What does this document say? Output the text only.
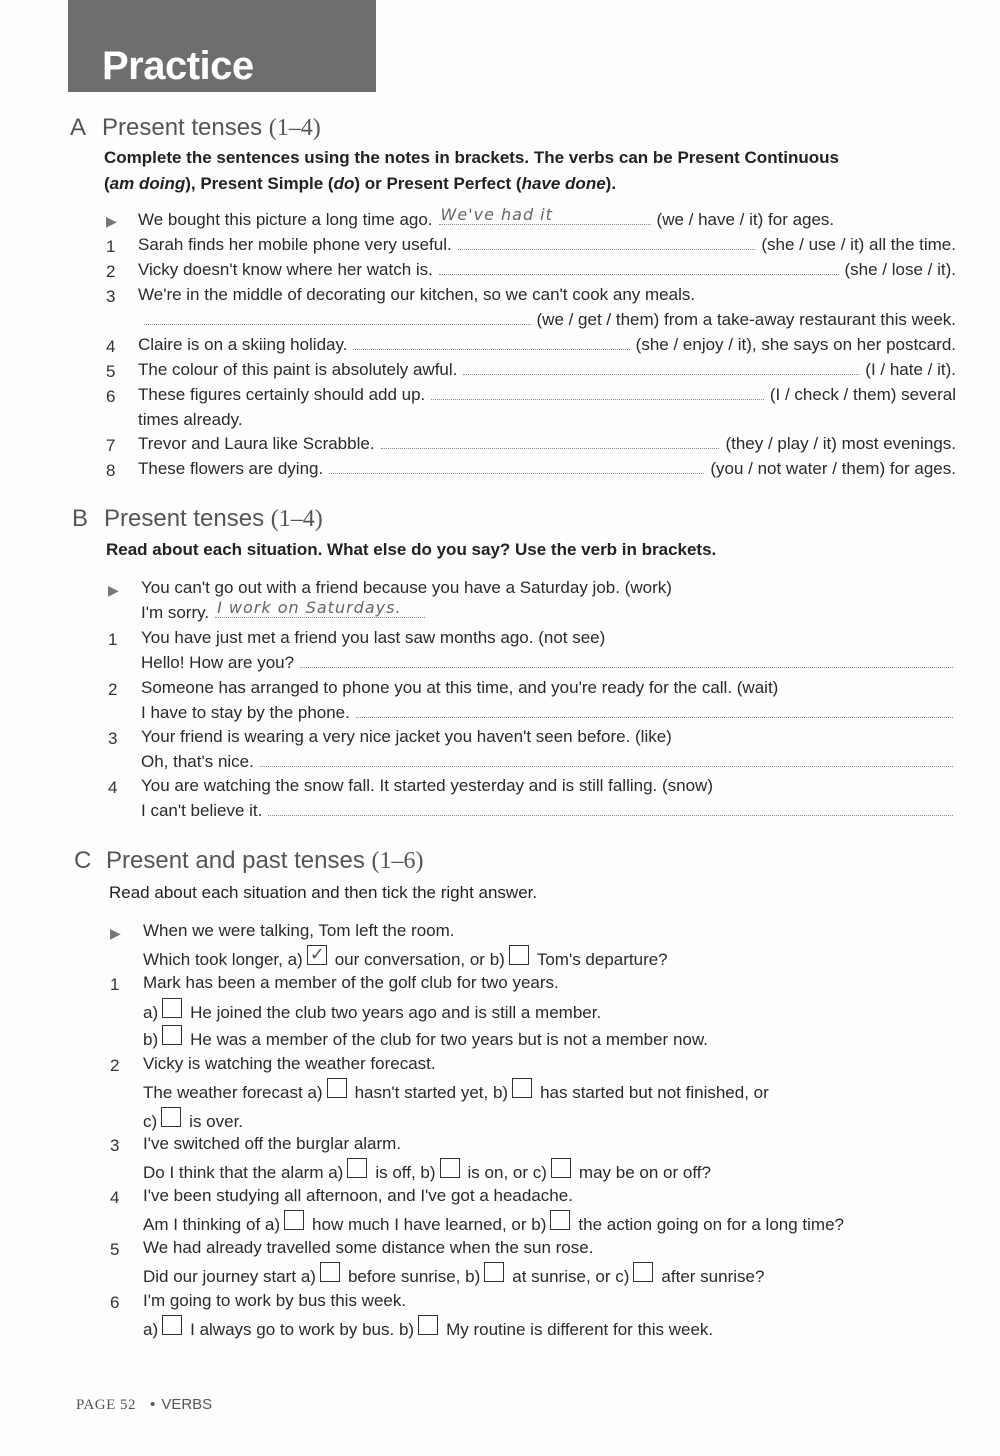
Practice
A Present tenses (1–4)
Complete the sentences using the notes in brackets. The verbs can be Present Continuous
(am doing), Present Simple (do) or Present Perfect (have done).
▶ We bought this picture a long time ago. We've had it	(we / have / it) for ages.
1 Sarah finds her mobile phone very useful.	(she / use / it) all the time.
2 Vicky doesn't know where her watch is.	(she / lose / it).
3 We're in the middle of decorating our kitchen, so we can't cook any meals.
(we / get / them) from a take-away restaurant this week.
4 Claire is on a skiing holiday.	(she / enjoy / it), she says on her postcard.
5 The colour of this paint is absolutely awful.	(I / hate / it).
6 These figures certainly should add up.	(I / check / them) several
times already.
7 Trevor and Laura like Scrabble.	(they / play / it) most evenings.
8 These flowers are dying.	(you / not water / them) for ages.
B Present tenses (1–4)
Read about each situation. What else do you say? Use the verb in brackets.
▶ You can't go out with a friend because you have a Saturday job. (work)
I'm sorry. I work on Saturdays.
1 You have just met a friend you last saw months ago. (not see)
Hello! How are you?
2 Someone has arranged to phone you at this time, and you're ready for the call. (wait)
I have to stay by the phone.
3 Your friend is wearing a very nice jacket you haven't seen before. (like)
Oh, that's nice.
4 You are watching the snow fall. It started yesterday and is still falling. (snow)
I can't believe it.
C Present and past tenses (1–6)
Read about each situation and then tick the right answer.
▶ When we were talking, Tom left the room.
Which took longer,
a) ✓ our conversation, or
b) Tom's departure?
1 Mark has been a member of the golf club for two years.
a) He joined the club two years ago and is still a member.
b) He was a member of the club for two years but is not a member now.
2 Vicky is watching the weather forecast.
The weather forecast
a) hasn't started yet,
b) has started but not finished, or
c) is over.
3 I've switched off the burglar alarm.
Do I think that the alarm
a) is off,
b) is on, or
c) may be on or off?
4 I've been studying all afternoon, and I've got a headache.
Am I thinking of
a) how much I have learned, or
b) the action going on for a long time?
5 We had already travelled some distance when the sun rose.
Did our journey start
a) before sunrise,
b) at sunrise, or
c) after sunrise?
6 I'm going to work by bus this week.
a) I always go to work by bus.
b) My routine is different for this week.
PAGE 52 • VERBS
